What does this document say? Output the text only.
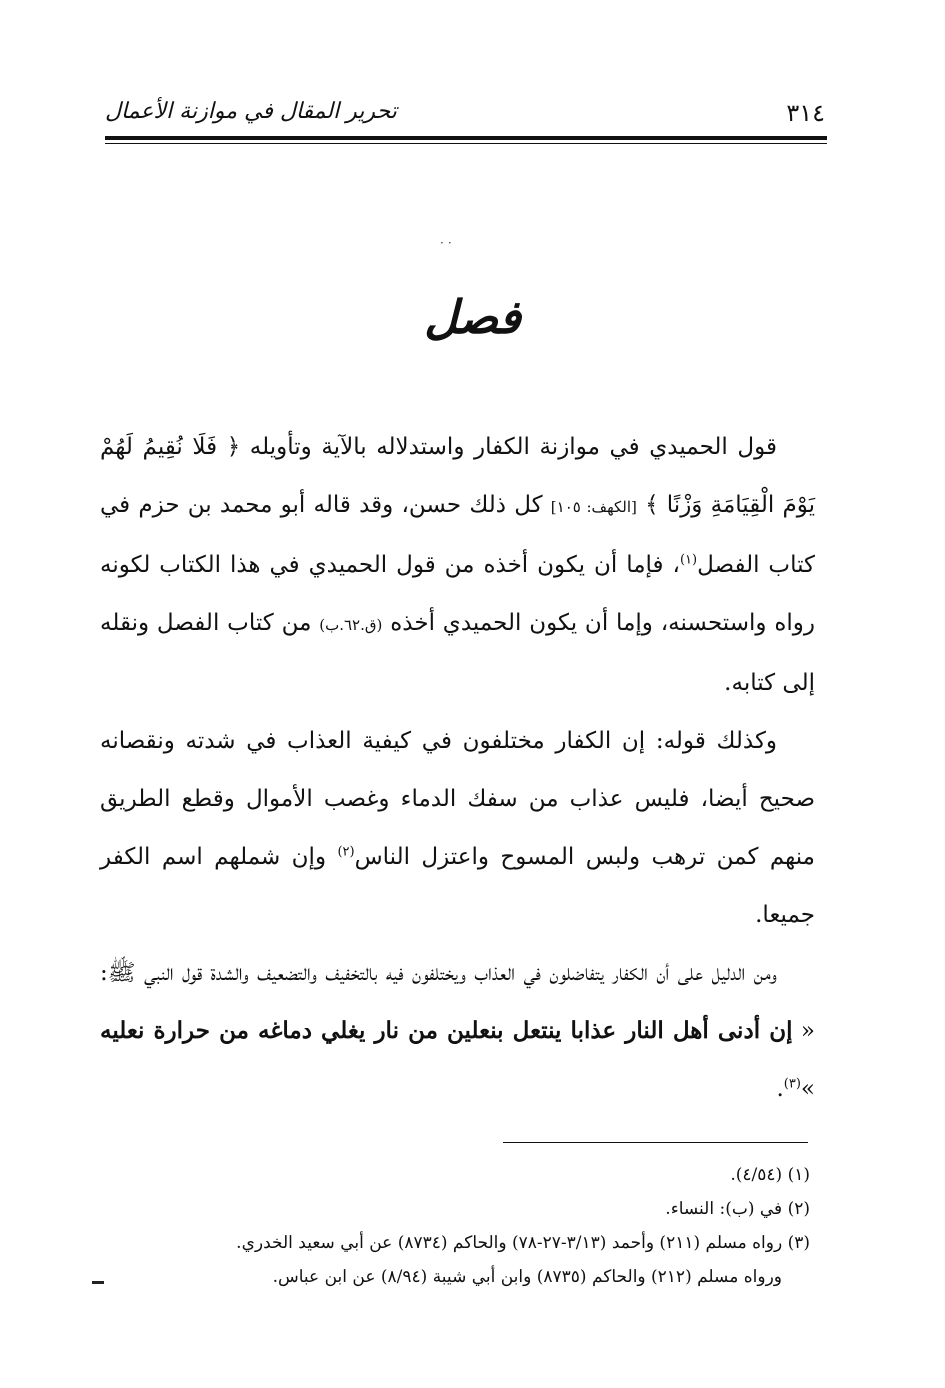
٣١٤
تحرير المقال في موازنة الأعمال
··
فصل

قول الحميدي في موازنة الكفار واستدلاله بالآية وتأويله ﴿ فَلَا نُقِيمُ لَهُمْ يَوْمَ الْقِيَامَةِ وَزْنًا ﴾ [الكهف: ١٠٥] كل ذلك حسن، وقد قاله أبو محمد بن حزم في كتاب الفصل$^{(١)}$، فإما أن يكون أخذه من قول الحميدي في هذا الكتاب لكونه رواه واستحسنه، وإما أن يكون الحميدي أخذه (ق.٦٢.ب) من كتاب الفصل ونقله إلى كتابه.

وكذلك قوله: إن الكفار مختلفون في كيفية العذاب في شدته ونقصانه صحيح أيضا، فليس عذاب من سفك الدماء وغصب الأموال وقطع الطريق منهم كمن ترهب ولبس المسوح واعتزل الناس$^{(٢)}$ وإن شملهم اسم الكفر جميعا.

ومن الدليل على أن الكفار يتفاضلون في العذاب ويختلفون فيه بالتخفيف والتضعيف والشدة قول النبي ﷺ: « إن أدنى أهل النار عذابا ينتعل بنعلين من نار يغلي دماغه من حرارة نعليه »$^{(٣)}$.

(١) (٤/٥٤).

(٢) في (ب): النساء.

(٣) رواه مسلم (٢١١) وأحمد (٣/١٣-٢٧-٧٨) والحاكم (٨٧٣٤) عن أبي سعيد الخدري.

ورواه مسلم (٢١٢) والحاكم (٨٧٣٥) وابن أبي شيبة (٨/٩٤) عن ابن عباس.
